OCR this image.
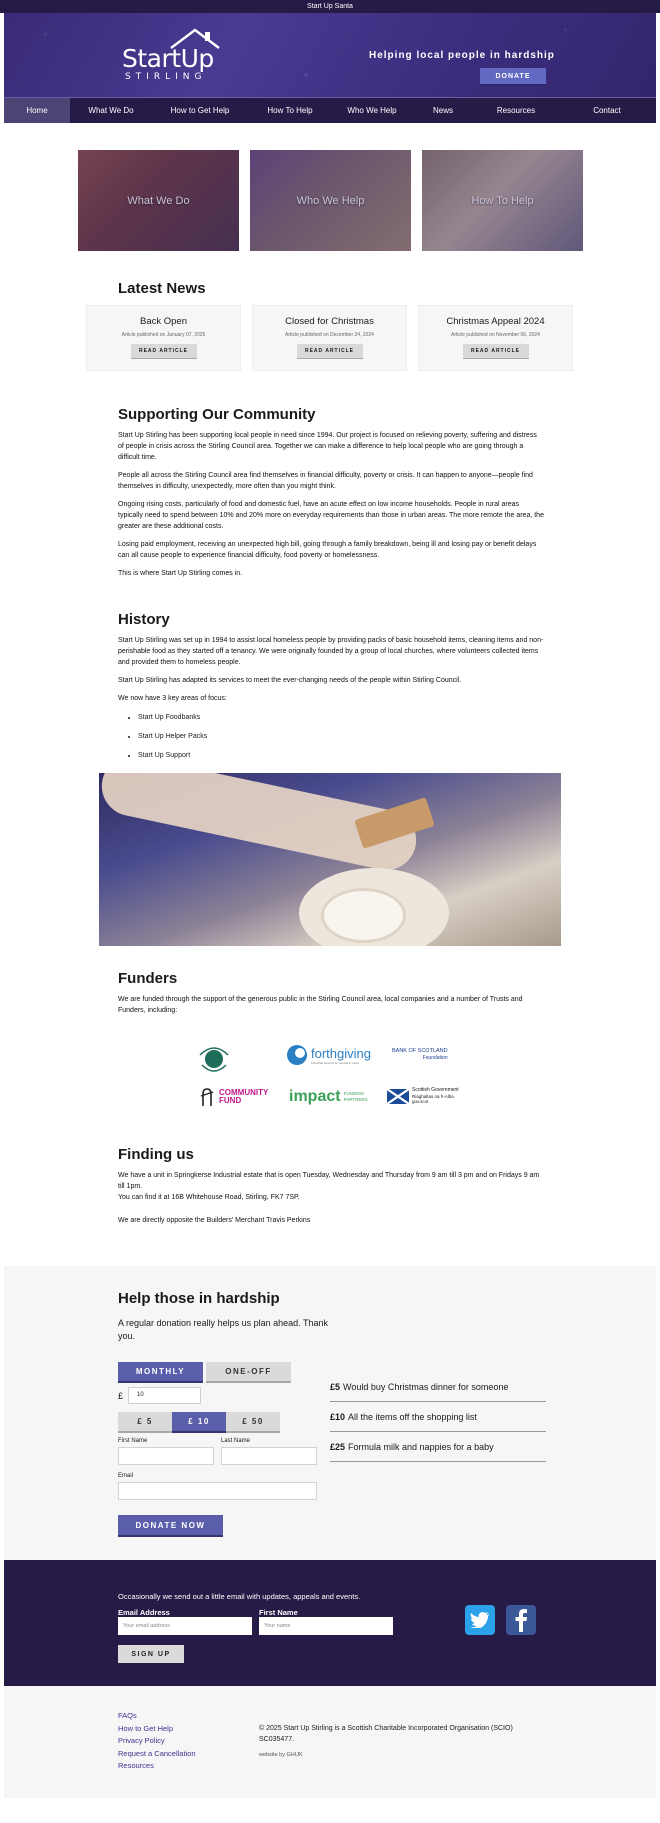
Start Up Santa
StartUp
STIRLING
Helping local people in hardship
DONATE
Home	What We Do	How to Get Help	How To Help	Who We Help	News	Resources	Contact
What We Do	Who We Help	How To Help
Latest News
Back Open
Article published on January 07, 2025
READ ARTICLE
Closed for Christmas
Article published on December 24, 2024
READ ARTICLE
Christmas Appeal 2024
Article published on November 06, 2024
READ ARTICLE
Supporting Our Community

Start Up Stirling has been supporting local people in need since 1994. Our project is focused on relieving poverty, suffering and distress of people in crisis across the Stirling Council area. Together we can make a difference to help local people who are going through a difficult time.

People all across the Stirling Council area find themselves in financial difficulty, poverty or crisis. It can happen to anyone—people find themselves in difficulty, unexpectedly, more often than you might think.

Ongoing rising costs, particularly of food and domestic fuel, have an acute effect on low income households. People in rural areas typically need to spend between 10% and 20% more on everyday requirements than those in urban areas. The more remote the area, the greater are these additional costs.

Losing paid employment, receiving an unexpected high bill, going through a family breakdown, being ill and losing pay or benefit delays can all cause people to experience financial difficulty, food poverty or homelessness.

This is where Start Up Stirling comes in.

History

Start Up Stirling was set up in 1994 to assist local homeless people by providing packs of basic household items, cleaning items and non-perishable food as they started off a tenancy. We were originally founded by a group of local churches, where volunteers collected items and provided them to homeless people.

Start Up Stirling has adapted its services to meet the ever-changing needs of the people within Stirling Council.

We now have 3 key areas of focus:

• Start Up Foodbanks
• Start Up Helper Packs
• Start Up Support
Funders

We are funded through the support of the generous public in the Stirling Council area, local companies and a number of Trusts and Funders, including:

forthgiving
Financial support for people in need
BANK OF SCOTLAND
Foundation
COMMUNITY FUND	impact FUNDING PARTNERS
Scottish Government
Riaghaltas na h-Alba
gov.scot
Finding us

We have a unit in Springkerse Industrial estate that is open Tuesday, Wednesday and Thursday from 9 am till 3 pm and on Fridays 9 am till 1pm.

You can find it at 16B Whitehouse Road, Stirling, FK7 7SP.

We are directly opposite the Builders' Merchant Travis Perkins

Help those in hardship
A regular donation really helps us plan ahead. Thank you.
MONTHLY	ONE-OFF
£	10
£ 5	£ 10	£ 50
First Name	Last Name
Email
DONATE NOW
£5 Would buy Christmas dinner for someone
£10 All the items off the shopping list
£25 Formula milk and nappies for a baby
Occasionally we send out a little email with updates, appeals and events.
Email Address
Your email address
First Name
Your name
SIGN UP
FAQs
How to Get Help
Privacy Policy
Request a Cancellation
Resources
© 2025 Start Up Stirling is a Scottish Charitable Incorporated Organisation (SCIO) SC035477.
website by GHIJK
